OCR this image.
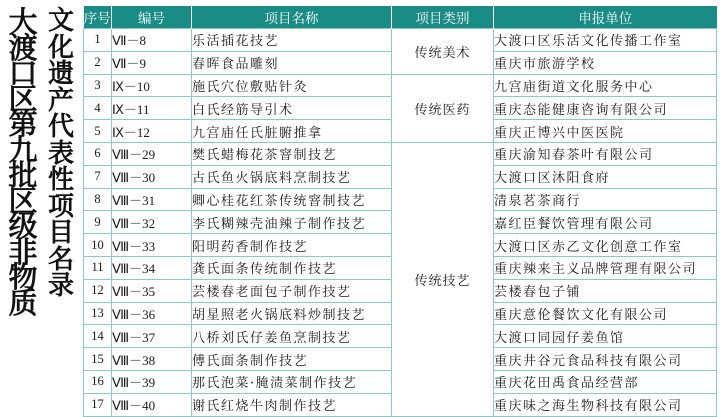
大
渡
口
区
第
九
批
区
级
非
物
质
文
化
遗
产
代
表
性
项
目
名
录
序号	编号	项目名称	项目类别	申报单位
1	Ⅶ－8	乐活插花技艺	传统美术	大渡口区乐活文化传播工作室
2	Ⅶ－9	春晖食品雕刻		重庆市旅游学校
3	Ⅸ－10	施氏穴位敷贴针灸	传统医药	九宫庙街道文化服务中心
4	Ⅸ－11	白氏经筋导引术		重庆态能健康咨询有限公司
5	Ⅸ－12	九宫庙任氏脏腑推拿		重庆正博兴中医医院
6	Ⅷ－29	樊氏蜡梅花茶窨制技艺	传统技艺	重庆渝知春茶叶有限公司
7	Ⅷ－30	古氏鱼火锅底料烹制技艺		大渡口区沐阳食府
8	Ⅷ－31	卿心桂花红茶传统窨制技艺		清泉茗茶商行
9	Ⅷ－32	李氏糊辣壳油辣子制作技艺		嘉红臣餐饮管理有限公司
10	Ⅷ－33	阳明药香制作技艺		大渡口区赤乙文化创意工作室
11	Ⅷ－34	龚氏面条传统制作技艺		重庆辣来主义品牌管理有限公司
12	Ⅷ－35	芸楼春老面包子制作技艺		芸楼春包子铺
13	Ⅷ－36	胡星照老火锅底料炒制技艺		重庆意伦餐饮文化有限公司
14	Ⅷ－37	八桥刘氏仔姜鱼烹制技艺		大渡口同园仔姜鱼馆
15	Ⅷ－38	傅氏面条制作技艺		重庆井谷元食品科技有限公司
16	Ⅷ－39	那氏泡菜·腌渍菜制作技艺		重庆花田禹食品经营部
17	Ⅷ－40	谢氏红烧牛肉制作技艺		重庆味之海生物科技有限公司
